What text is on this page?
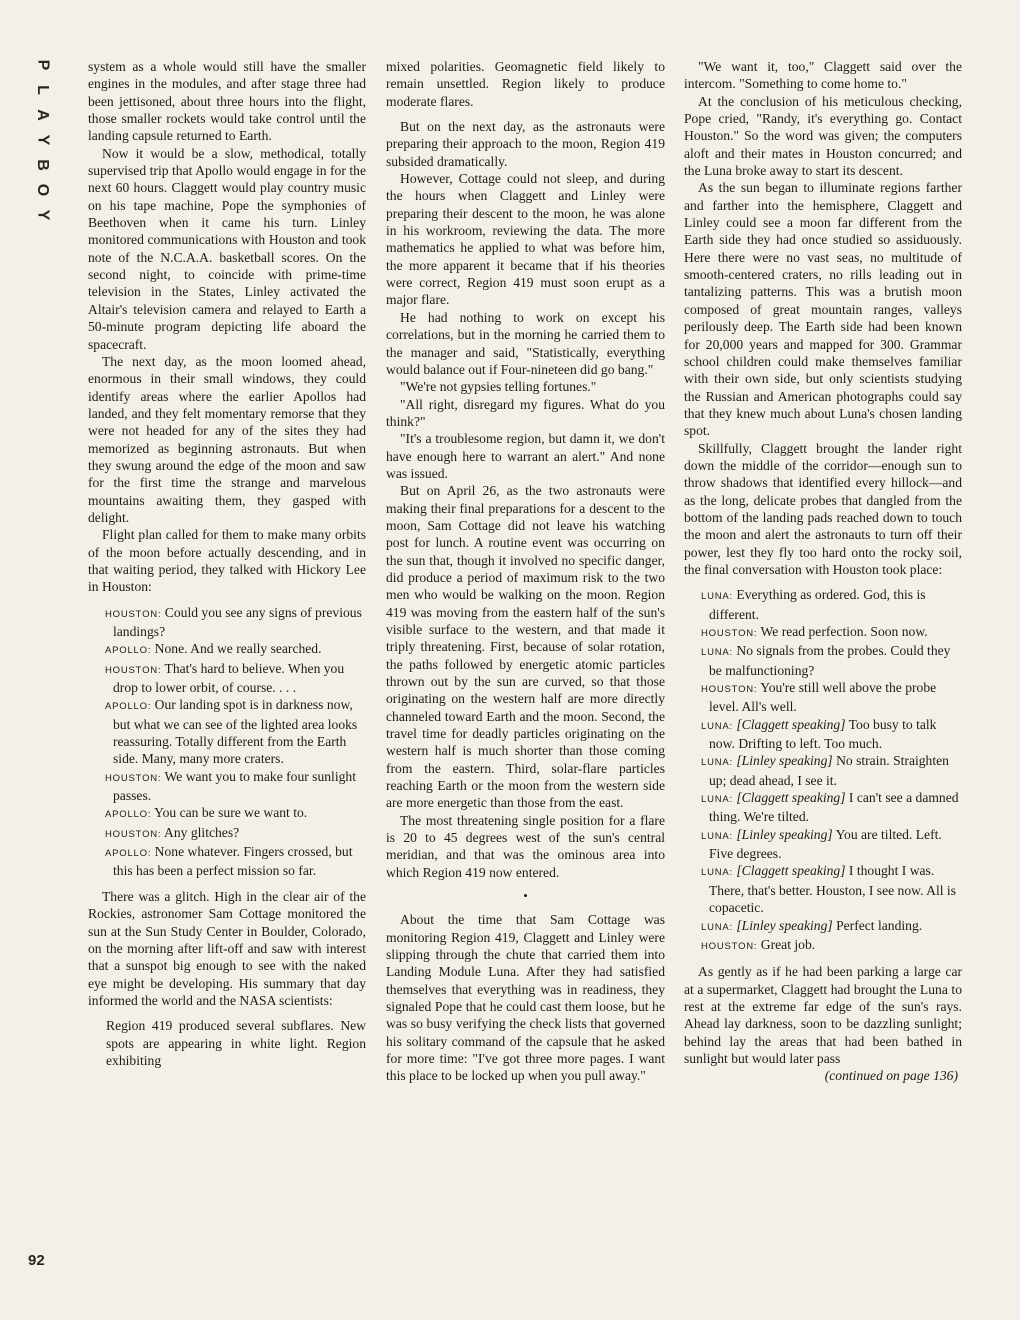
P
L
A
Y
B
O
Y
92

system as a whole would still have the smaller engines in the modules, and after stage three had been jettisoned, about three hours into the flight, those smaller rockets would take control until the landing capsule returned to Earth.

Now it would be a slow, methodical, totally supervised trip that Apollo would engage in for the next 60 hours. Claggett would play country music on his tape machine, Pope the symphonies of Beethoven when it came his turn. Linley monitored communications with Houston and took note of the N.C.A.A. basketball scores. On the second night, to coincide with prime-time television in the States, Linley activated the Altair's television camera and relayed to Earth a 50-minute program depicting life aboard the spacecraft.

The next day, as the moon loomed ahead, enormous in their small windows, they could identify areas where the earlier Apollos had landed, and they felt momentary remorse that they were not headed for any of the sites they had memorized as beginning astronauts. But when they swung around the edge of the moon and saw for the first time the strange and marvelous mountains awaiting them, they gasped with delight.

Flight plan called for them to make many orbits of the moon before actually descending, and in that waiting period, they talked with Hickory Lee in Houston:

HOUSTON: Could you see any signs of previous landings?
APOLLO: None. And we really searched.
HOUSTON: That's hard to believe. When you drop to lower orbit, of course. . . .
APOLLO: Our landing spot is in darkness now, but what we can see of the lighted area looks reassuring. Totally different from the Earth side. Many, many more craters.
HOUSTON: We want you to make four sunlight passes.
APOLLO: You can be sure we want to.
HOUSTON: Any glitches?
APOLLO: None whatever. Fingers crossed, but this has been a perfect mission so far.

There was a glitch. High in the clear air of the Rockies, astronomer Sam Cottage monitored the sun at the Sun Study Center in Boulder, Colorado, on the morning after lift-off and saw with interest that a sunspot big enough to see with the naked eye might be developing. His summary that day informed the world and the NASA scientists:

Region 419 produced several subflares. New spots are appearing in white light. Region exhibiting
mixed polarities. Geomagnetic field likely to remain unsettled. Region likely to produce moderate flares.

But on the next day, as the astronauts were preparing their approach to the moon, Region 419 subsided dramatically.

However, Cottage could not sleep, and during the hours when Claggett and Linley were preparing their descent to the moon, he was alone in his workroom, reviewing the data. The more mathematics he applied to what was before him, the more apparent it became that if his theories were correct, Region 419 must soon erupt as a major flare.

He had nothing to work on except his correlations, but in the morning he carried them to the manager and said, "Statistically, everything would balance out if Four-nineteen did go bang."

"We're not gypsies telling fortunes."

"All right, disregard my figures. What do you think?"

"It's a troublesome region, but damn it, we don't have enough here to warrant an alert." And none was issued.

But on April 26, as the two astronauts were making their final preparations for a descent to the moon, Sam Cottage did not leave his watching post for lunch. A routine event was occurring on the sun that, though it involved no specific danger, did produce a period of maximum risk to the two men who would be walking on the moon. Region 419 was moving from the eastern half of the sun's visible surface to the western, and that made it triply threatening. First, because of solar rotation, the paths followed by energetic atomic particles thrown out by the sun are curved, so that those originating on the western half are more directly channeled toward Earth and the moon. Second, the travel time for deadly particles originating on the western half is much shorter than those coming from the eastern. Third, solar-flare particles reaching Earth or the moon from the western side are more energetic than those from the east.

The most threatening single position for a flare is 20 to 45 degrees west of the sun's central meridian, and that was the ominous area into which Region 419 now entered.

•

About the time that Sam Cottage was monitoring Region 419, Claggett and Linley were slipping through the chute that carried them into Landing Module Luna. After they had satisfied themselves that everything was in readiness, they signaled Pope that he could cast them loose, but he was so busy verifying the check lists that governed his solitary command of the capsule that he asked for more time: "I've got three more pages. I want this place to be locked up when you pull away."

"We want it, too," Claggett said over the intercom. "Something to come home to."

At the conclusion of his meticulous checking, Pope cried, "Randy, it's everything go. Contact Houston." So the word was given; the computers aloft and their mates in Houston concurred; and the Luna broke away to start its descent.

As the sun began to illuminate regions farther and farther into the hemisphere, Claggett and Linley could see a moon far different from the Earth side they had once studied so assiduously. Here there were no vast seas, no multitude of smooth-centered craters, no rills leading out in tantalizing patterns. This was a brutish moon composed of great mountain ranges, valleys perilously deep. The Earth side had been known for 20,000 years and mapped for 300. Grammar school children could make themselves familiar with their own side, but only scientists studying the Russian and American photographs could say that they knew much about Luna's chosen landing spot.

Skillfully, Claggett brought the lander right down the middle of the corridor—enough sun to throw shadows that identified every hillock—and as the long, delicate probes that dangled from the bottom of the landing pads reached down to touch the moon and alert the astronauts to turn off their power, lest they fly too hard onto the rocky soil, the final conversation with Houston took place:

LUNA: Everything as ordered. God, this is different.
HOUSTON: We read perfection. Soon now.
LUNA: No signals from the probes. Could they be malfunctioning?
HOUSTON: You're still well above the probe level. All's well.
LUNA: [Claggett speaking] Too busy to talk now. Drifting to left. Too much.
LUNA: [Linley speaking] No strain. Straighten up; dead ahead, I see it.
LUNA: [Claggett speaking] I can't see a damned thing. We're tilted.
LUNA: [Linley speaking] You are tilted. Left. Five degrees.
LUNA: [Claggett speaking] I thought I was. There, that's better. Houston, I see now. All is copacetic.
LUNA: [Linley speaking] Perfect landing.
HOUSTON: Great job.

As gently as if he had been parking a large car at a supermarket, Claggett had brought the Luna to rest at the extreme far edge of the sun's rays. Ahead lay darkness, soon to be dazzling sunlight; behind lay the areas that had been bathed in sunlight but would later pass

(continued on page 136)
